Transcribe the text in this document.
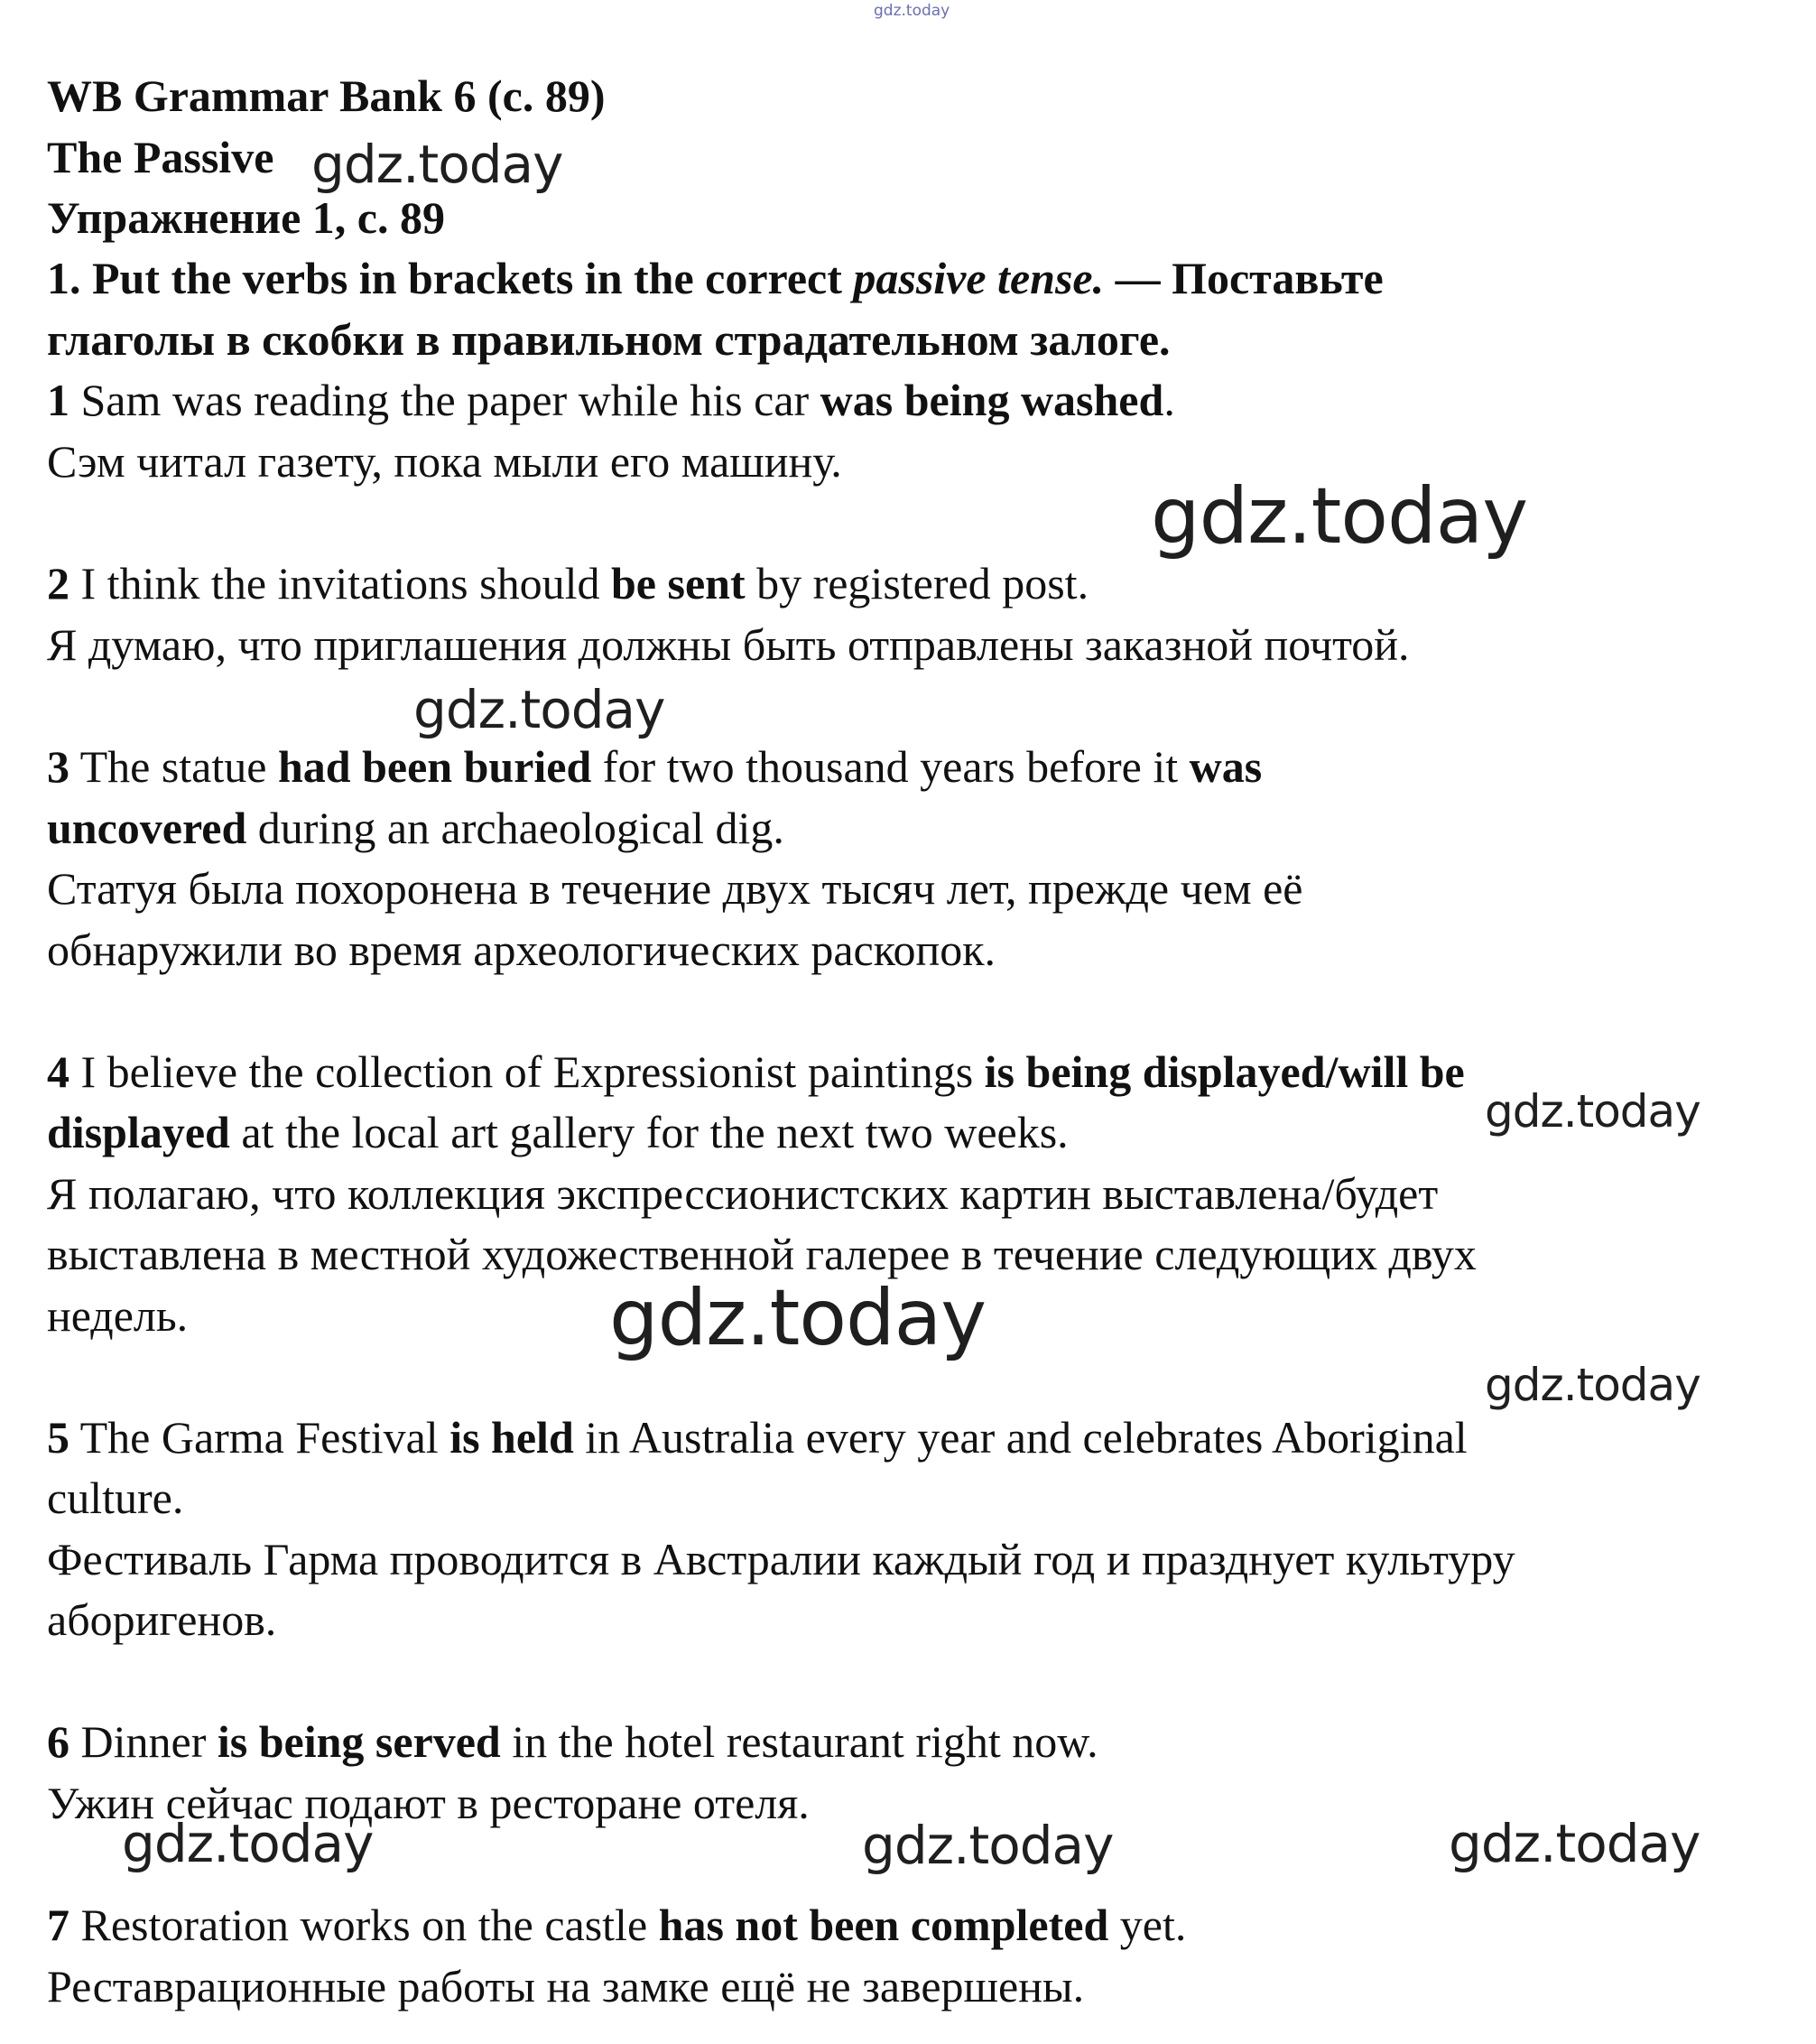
gdz.today
WB Grammar Bank 6 (с. 89)
The Passive
Упражнение 1, с. 89
1. Put the verbs in brackets in the correct passive tense. — Поставьте
глаголы в скобки в правильном страдательном залоге.
1 Sam was reading the paper while his car was being washed.
Сэм читал газету, пока мыли его машину.
2 I think the invitations should be sent by registered post.
Я думаю, что приглашения должны быть отправлены заказной почтой.
3 The statue had been buried for two thousand years before it was
uncovered during an archaeological dig.
Статуя была похоронена в течение двух тысяч лет, прежде чем её
обнаружили во время археологических раскопок.
4 I believe the collection of Expressionist paintings is being displayed/will be
displayed at the local art gallery for the next two weeks.
Я полагаю, что коллекция экспрессионистских картин выставлена/будет
выставлена в местной художественной галерее в течение следующих двух
недель.
5 The Garma Festival is held in Australia every year and celebrates Aboriginal
culture.
Фестиваль Гарма проводится в Австралии каждый год и празднует культуру
аборигенов.
6 Dinner is being served in the hotel restaurant right now.
Ужин сейчас подают в ресторане отеля.
7 Restoration works on the castle has not been completed yet.
Реставрационные работы на замке ещё не завершены.
gdz.today
gdz.today
gdz.today
gdz.today
gdz.today
gdz.today
gdz.today	gdz.today	gdz.today
